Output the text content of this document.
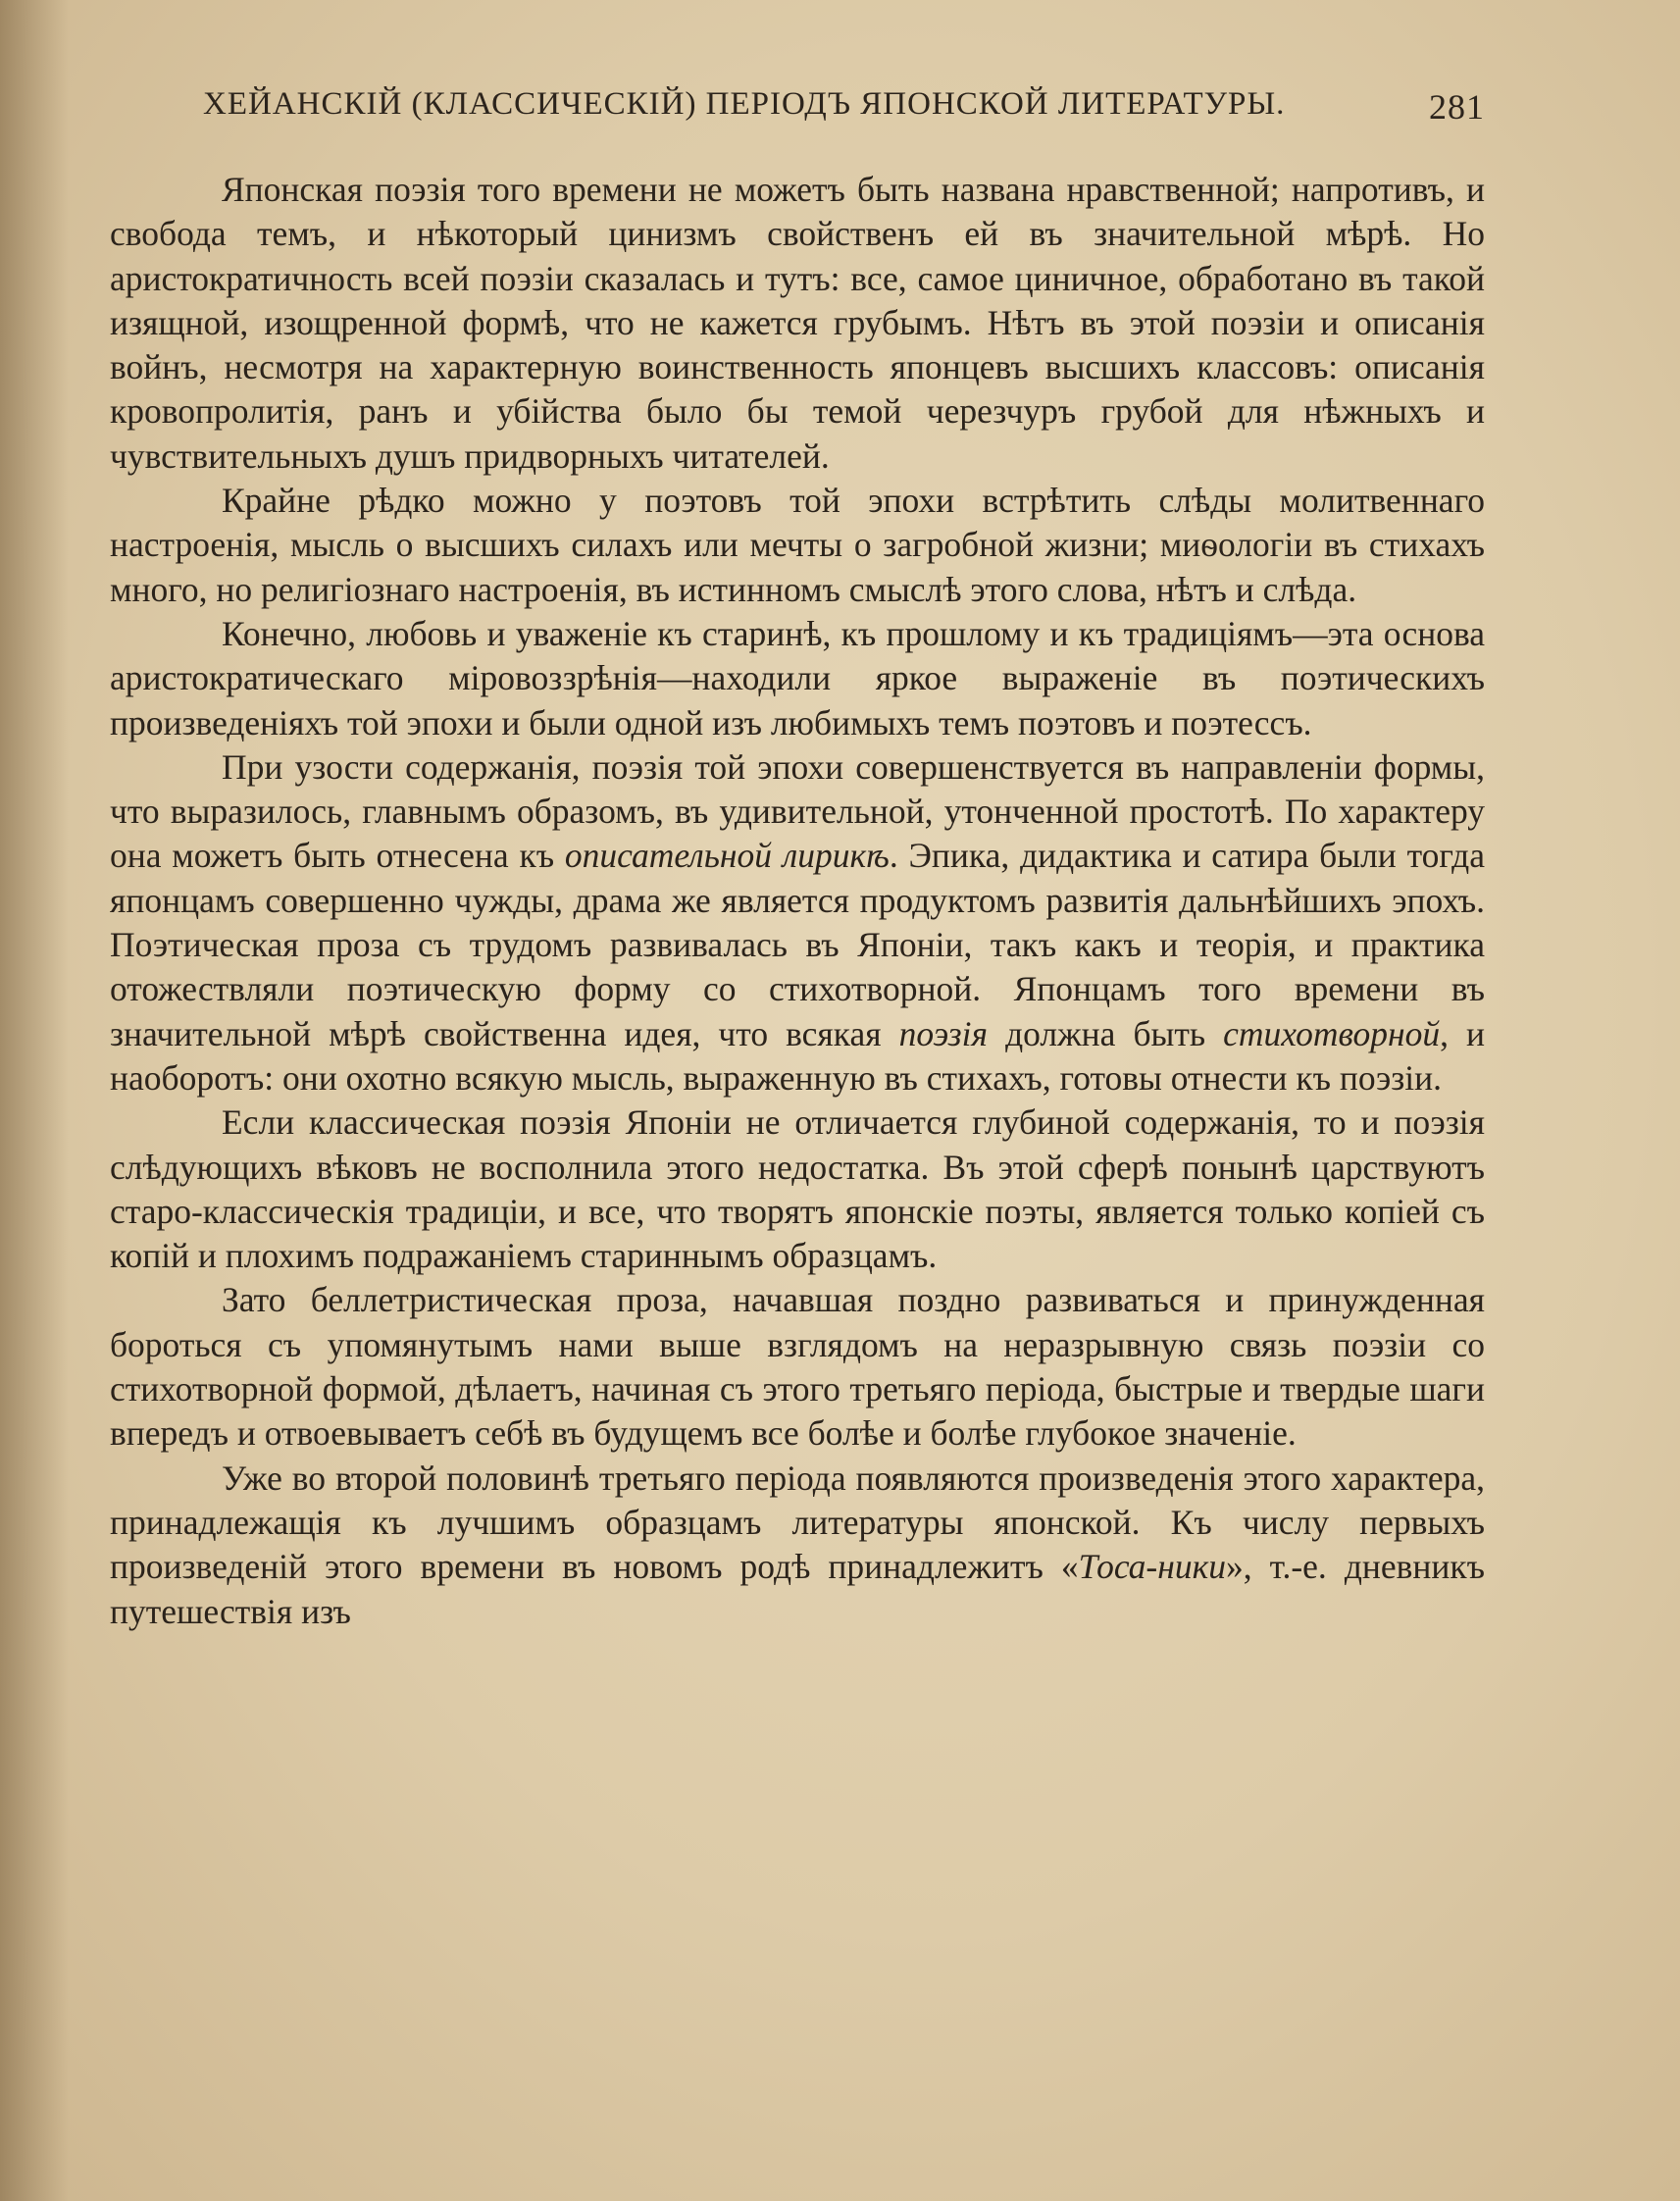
ХЕЙАНСКІЙ (КЛАССИЧЕСКІЙ) ПЕРІОДЪ ЯПОНСКОЙ ЛИТЕРАТУРЫ.	281

Японская поэзія того времени не можетъ быть названа нравственной; напротивъ, и свобода темъ, и нѣкоторый цинизмъ свойственъ ей въ значительной мѣрѣ. Но аристократичность всей поэзіи сказалась и тутъ: все, самое циничное, обработано въ такой изящной, изощренной формѣ, что не кажется грубымъ. Нѣтъ въ этой поэзіи и описанія войнъ, несмотря на характерную воинственность японцевъ высшихъ классовъ: описанія кровопролитія, ранъ и убійства было бы темой черезчуръ грубой для нѣжныхъ и чувствительныхъ душъ придворныхъ читателей.

Крайне рѣдко можно у поэтовъ той эпохи встрѣтить слѣды молитвеннаго настроенія, мысль о высшихъ силахъ или мечты о загробной жизни; миѳологіи въ стихахъ много, но религіознаго настроенія, въ истинномъ смыслѣ этого слова, нѣтъ и слѣда.

Конечно, любовь и уваженіе къ старинѣ, къ прошлому и къ традиціямъ—эта основа аристократическаго міровоззрѣнія—находили яркое выраженіе въ поэтическихъ произведеніяхъ той эпохи и были одной изъ любимыхъ темъ поэтовъ и поэтессъ.

При узости содержанія, поэзія той эпохи совершенствуется въ направленіи формы, что выразилось, главнымъ образомъ, въ удивительной, утонченной простотѣ. По характеру она можетъ быть отнесена къ описательной лирикѣ. Эпика, дидактика и сатира были тогда японцамъ совершенно чужды, драма же является продуктомъ развитія дальнѣйшихъ эпохъ. Поэтическая проза съ трудомъ развивалась въ Японіи, такъ какъ и теорія, и практика отожествляли поэтическую форму со стихотворной. Японцамъ того времени въ значительной мѣрѣ свойственна идея, что всякая поэзія должна быть стихотворной, и наоборотъ: они охотно всякую мысль, выраженную въ стихахъ, готовы отнести къ поэзіи.

Если классическая поэзія Японіи не отличается глубиной содержанія, то и поэзія слѣдующихъ вѣковъ не восполнила этого недостатка. Въ этой сферѣ понынѣ царствуютъ старо-классическія традиціи, и все, что творятъ японскіе поэты, является только копіей съ копій и плохимъ подражаніемъ стариннымъ образцамъ.

Зато беллетристическая проза, начавшая поздно развиваться и принужденная бороться съ упомянутымъ нами выше взглядомъ на неразрывную связь поэзіи со стихотворной формой, дѣлаетъ, начиная съ этого третьяго періода, быстрые и твердые шаги впередъ и отвоевываетъ себѣ въ будущемъ все болѣе и болѣе глубокое значеніе.

Уже во второй половинѣ третьяго періода появляются произведенія этого характера, принадлежащія къ лучшимъ образцамъ литературы японской. Къ числу первыхъ произведеній этого времени въ новомъ родѣ принадлежитъ «Тоса-ники», т.-е. дневникъ путешествія изъ
